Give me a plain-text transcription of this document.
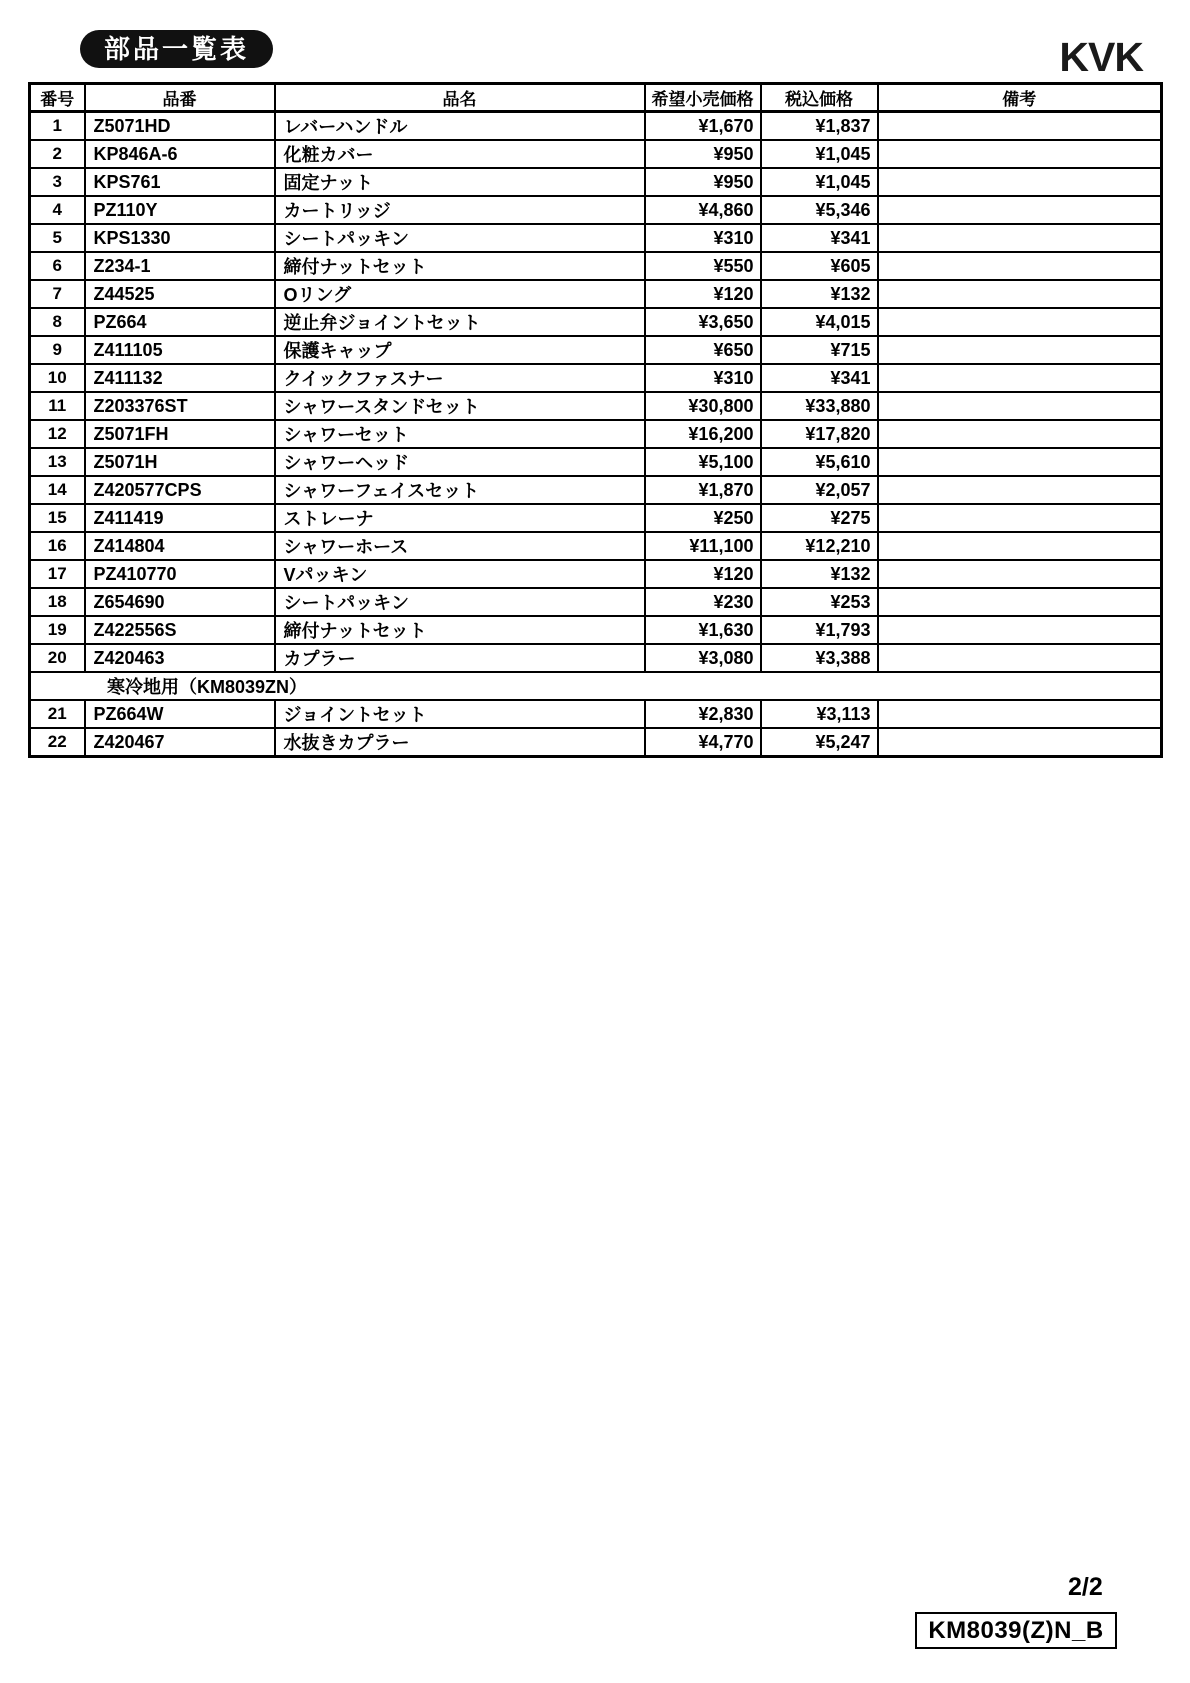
部品一覧表	KVK
番号	品番	品名	希望小売価格	税込価格	備考
1	Z5071HD	レバーハンドル	¥1,670	¥1,837	
2	KP846A-6	化粧カバー	¥950	¥1,045	
3	KPS761	固定ナット	¥950	¥1,045	
4	PZ110Y	カートリッジ	¥4,860	¥5,346	
5	KPS1330	シートパッキン	¥310	¥341	
6	Z234-1	締付ナットセット	¥550	¥605	
7	Z44525	Oリング	¥120	¥132	
8	PZ664	逆止弁ジョイントセット	¥3,650	¥4,015	
9	Z411105	保護キャップ	¥650	¥715	
10	Z411132	クイックファスナー	¥310	¥341	
11	Z203376ST	シャワースタンドセット	¥30,800	¥33,880	
12	Z5071FH	シャワーセット	¥16,200	¥17,820	
13	Z5071H	シャワーヘッド	¥5,100	¥5,610	
14	Z420577CPS	シャワーフェイスセット	¥1,870	¥2,057	
15	Z411419	ストレーナ	¥250	¥275	
16	Z414804	シャワーホース	¥11,100	¥12,210	
17	PZ410770	Vパッキン	¥120	¥132	
18	Z654690	シートパッキン	¥230	¥253	
19	Z422556S	締付ナットセット	¥1,630	¥1,793	
20	Z420463	カプラー	¥3,080	¥3,388	
寒冷地用（KM8039ZN）					
21	PZ664W	ジョイントセット	¥2,830	¥3,113	
22	Z420467	水抜きカプラー	¥4,770	¥5,247	
2/2
KM8039(Z)N_B
